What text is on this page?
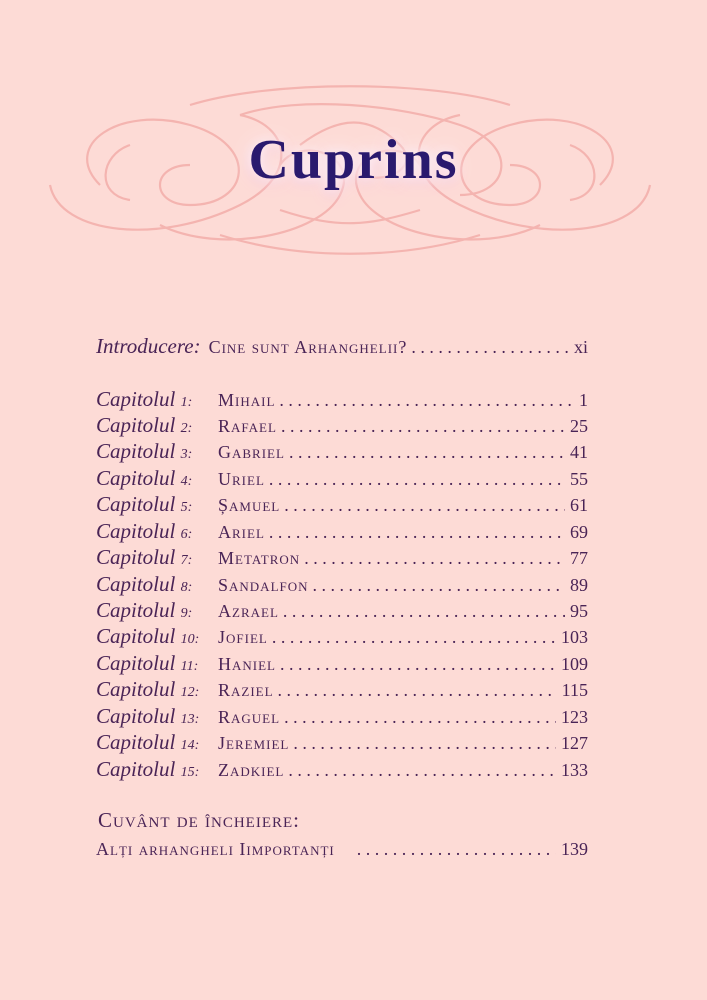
Cuprins
Introducere: Cine sunt Arhanghelii? . . .	xi
Capitolul 1:	Mihail . . .	1
Capitolul 2:	Rafael . . .	25
Capitolul 3:	Gabriel . . .	41
Capitolul 4:	Uriel . . .	55
Capitolul 5:	Șamuel . . .	61
Capitolul 6:	Ariel . . .	69
Capitolul 7:	Metatron . . .	77
Capitolul 8:	Sandalfon . . .	89
Capitolul 9:	Azrael . . .	95
Capitolul 10:	Jofiel . . .	103
Capitolul 11:	Haniel . . .	109
Capitolul 12:	Raziel . . .	115
Capitolul 13:	Raguel . . .	123
Capitolul 14:	Jeremiel . . .	127
Capitolul 15:	Zadkiel . . .	133
Cuvânt de încheiere:
Alți arhangheli Iimportanți . . .	139
